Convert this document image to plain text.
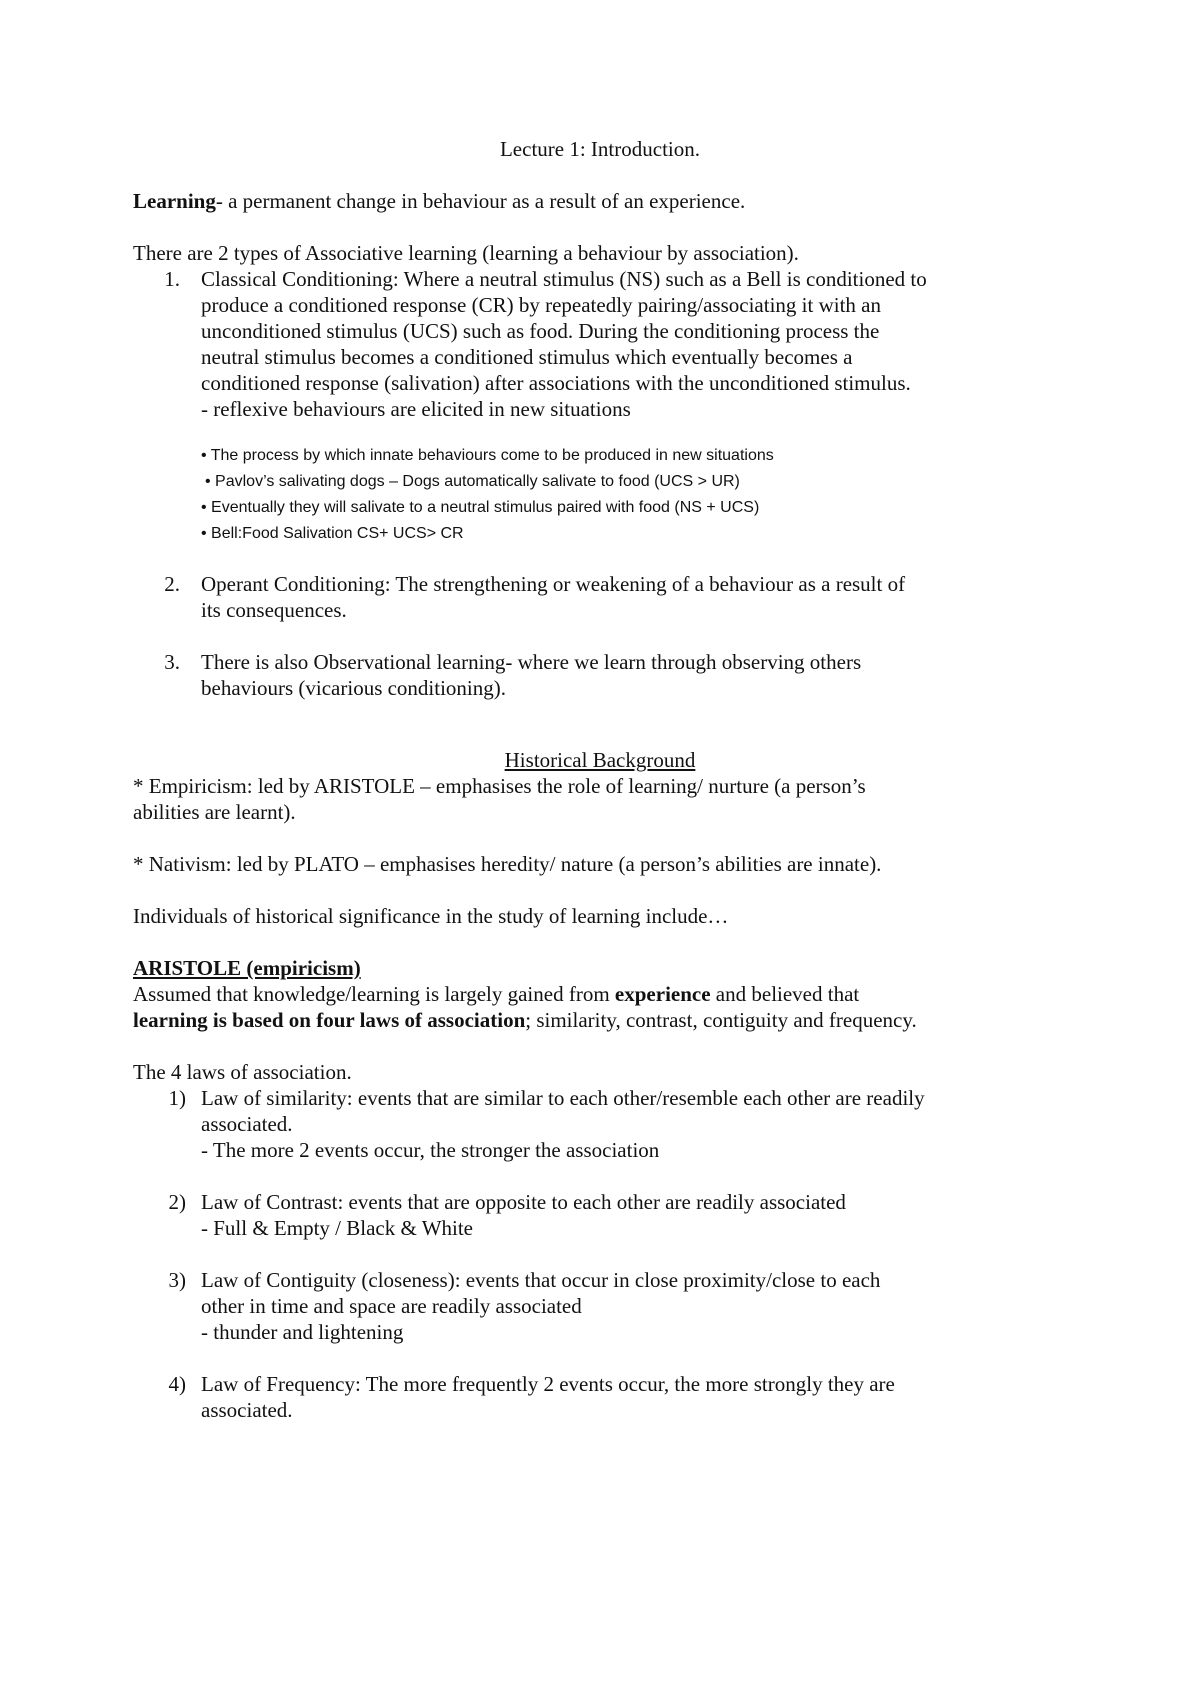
Lecture 1: Introduction.
Learning- a permanent change in behaviour as a result of an experience.
There are 2 types of Associative learning (learning a behaviour by association).
1. Classical Conditioning: Where a neutral stimulus (NS) such as a Bell is conditioned to
produce a conditioned response (CR) by repeatedly pairing/associating it with an
unconditioned stimulus (UCS) such as food. During the conditioning process the
neutral stimulus becomes a conditioned stimulus which eventually becomes a
conditioned response (salivation) after associations with the unconditioned stimulus.
- reflexive behaviours are elicited in new situations
• The process by which innate behaviours come to be produced in new situations
• Pavlov’s salivating dogs – Dogs automatically salivate to food (UCS > UR)
• Eventually they will salivate to a neutral stimulus paired with food (NS + UCS)
• Bell:Food Salivation CS+ UCS> CR
2. Operant Conditioning: The strengthening or weakening of a behaviour as a result of
its consequences.
3. There is also Observational learning- where we learn through observing others
behaviours (vicarious conditioning).
Historical Background
* Empiricism: led by ARISTOLE – emphasises the role of learning/ nurture (a person’s
abilities are learnt).
* Nativism: led by PLATO – emphasises heredity/ nature (a person’s abilities are innate).
Individuals of historical significance in the study of learning include…
ARISTOLE (empiricism)
Assumed that knowledge/learning is largely gained from experience and believed that
learning is based on four laws of association; similarity, contrast, contiguity and frequency.
The 4 laws of association.
1) Law of similarity: events that are similar to each other/resemble each other are readily
associated.
- The more 2 events occur, the stronger the association
2) Law of Contrast: events that are opposite to each other are readily associated
- Full & Empty / Black & White
3) Law of Contiguity (closeness): events that occur in close proximity/close to each
other in time and space are readily associated
- thunder and lightening
4) Law of Frequency: The more frequently 2 events occur, the more strongly they are
associated.
